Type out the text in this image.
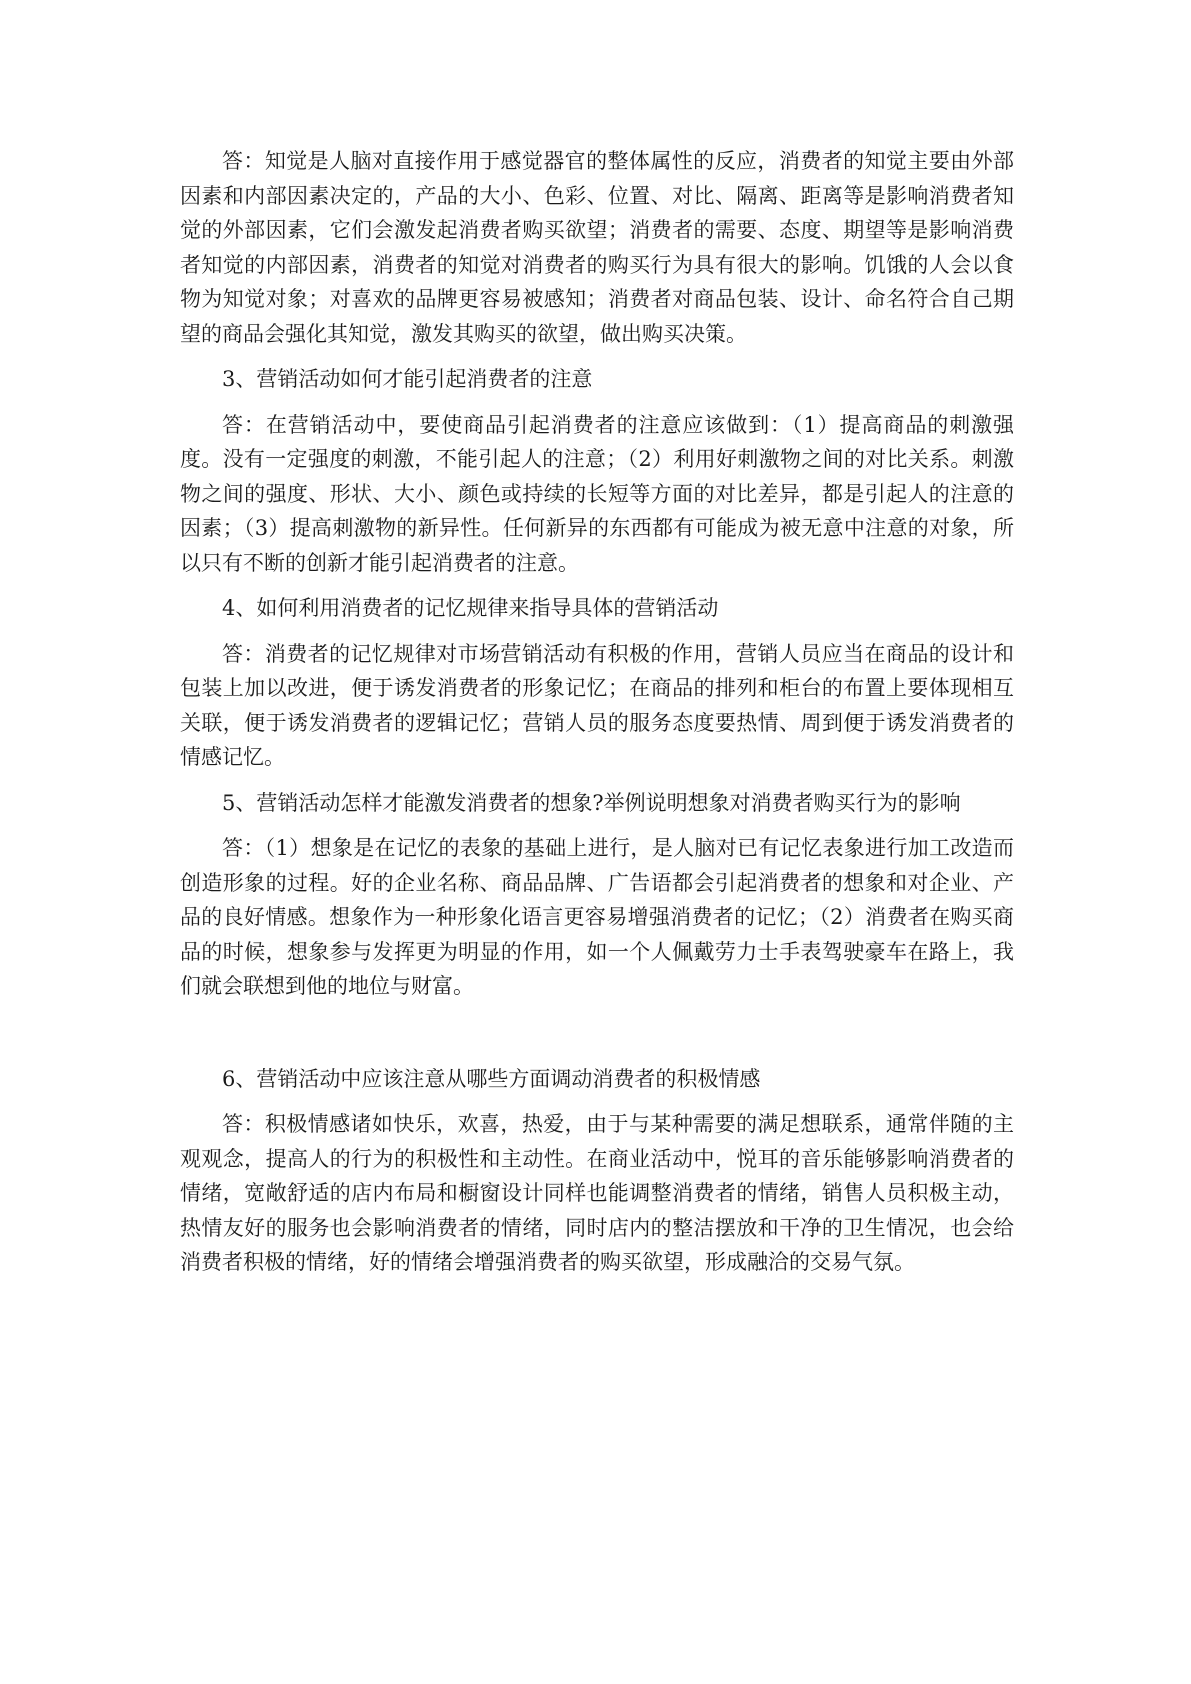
答：知觉是人脑对直接作用于感觉器官的整体属性的反应，消费者的知觉主要由外部因素和内部因素决定的，产品的大小、色彩、位置、对比、隔离、距离等是影响消费者知觉的外部因素，它们会激发起消费者购买欲望；消费者的需要、态度、期望等是影响消费者知觉的内部因素，消费者的知觉对消费者的购买行为具有很大的影响。饥饿的人会以食物为知觉对象；对喜欢的品牌更容易被感知；消费者对商品包装、设计、命名符合自己期望的商品会强化其知觉，激发其购买的欲望，做出购买决策。

3、营销活动如何才能引起消费者的注意

答：在营销活动中，要使商品引起消费者的注意应该做到：（1）提高商品的刺激强度。没有一定强度的刺激，不能引起人的注意；（2）利用好刺激物之间的对比关系。刺激物之间的强度、形状、大小、颜色或持续的长短等方面的对比差异，都是引起人的注意的因素；（3）提高刺激物的新异性。任何新异的东西都有可能成为被无意中注意的对象，所以只有不断的创新才能引起消费者的注意。

4、如何利用消费者的记忆规律来指导具体的营销活动

答：消费者的记忆规律对市场营销活动有积极的作用，营销人员应当在商品的设计和包装上加以改进，便于诱发消费者的形象记忆；在商品的排列和柜台的布置上要体现相互关联，便于诱发消费者的逻辑记忆；营销人员的服务态度要热情、周到便于诱发消费者的情感记忆。

5、营销活动怎样才能激发消费者的想象?举例说明想象对消费者购买行为的影响

答：（1）想象是在记忆的表象的基础上进行，是人脑对已有记忆表象进行加工改造而创造形象的过程。好的企业名称、商品品牌、广告语都会引起消费者的想象和对企业、产品的良好情感。想象作为一种形象化语言更容易增强消费者的记忆；（2）消费者在购买商品的时候，想象参与发挥更为明显的作用，如一个人佩戴劳力士手表驾驶豪车在路上，我们就会联想到他的地位与财富。

6、营销活动中应该注意从哪些方面调动消费者的积极情感

答：积极情感诸如快乐，欢喜，热爱，由于与某种需要的满足想联系，通常伴随的主观观念，提高人的行为的积极性和主动性。在商业活动中，悦耳的音乐能够影响消费者的情绪，宽敞舒适的店内布局和橱窗设计同样也能调整消费者的情绪，销售人员积极主动，热情友好的服务也会影响消费者的情绪，同时店内的整洁摆放和干净的卫生情况，也会给消费者积极的情绪，好的情绪会增强消费者的购买欲望，形成融洽的交易气氛。
